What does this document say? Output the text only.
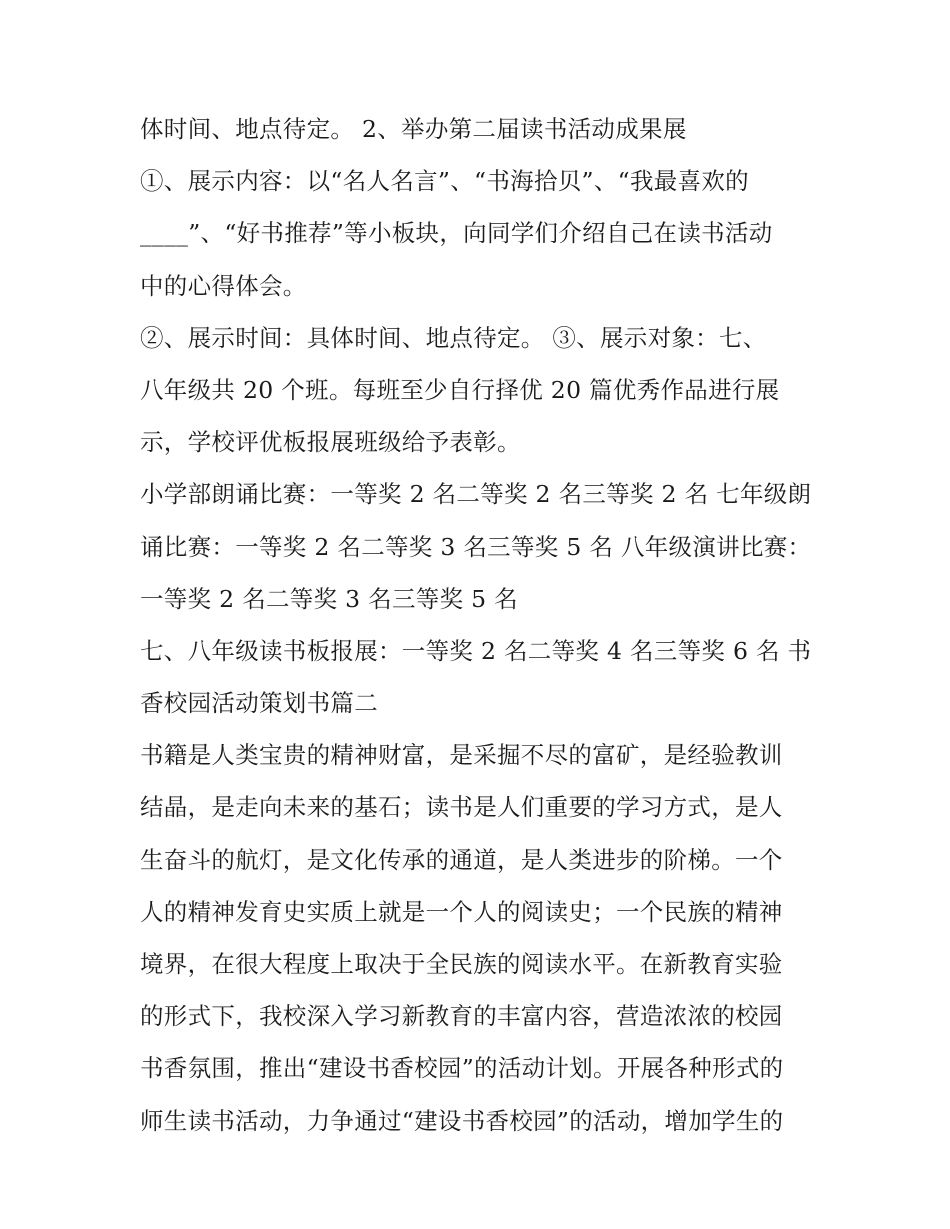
体时间、地点待定。 2、举办第二届读书活动成果展
①、展示内容：以“名人名言”、“书海拾贝”、“我最喜欢的
____”、“好书推荐”等小板块，向同学们介绍自己在读书活动
中的心得体会。
②、展示时间：具体时间、地点待定。 ③、展示对象：七、
八年级共 20 个班。每班至少自行择优 20 篇优秀作品进行展
示，学校评优板报展班级给予表彰。
小学部朗诵比赛：一等奖 2 名二等奖 2 名三等奖 2 名 七年级朗
诵比赛：一等奖 2 名二等奖 3 名三等奖 5 名 八年级演讲比赛：
一等奖 2 名二等奖 3 名三等奖 5 名
七、八年级读书板报展：一等奖 2 名二等奖 4 名三等奖 6 名 书
香校园活动策划书篇二
书籍是人类宝贵的精神财富，是采掘不尽的富矿，是经验教训
结晶，是走向未来的基石；读书是人们重要的学习方式，是人
生奋斗的航灯，是文化传承的通道，是人类进步的阶梯。一个
人的精神发育史实质上就是一个人的阅读史；一个民族的精神
境界，在很大程度上取决于全民族的阅读水平。在新教育实验
的形式下，我校深入学习新教育的丰富内容，营造浓浓的校园
书香氛围，推出“建设书香校园”的活动计划。开展各种形式的
师生读书活动，力争通过“建设书香校园”的活动，增加学生的
